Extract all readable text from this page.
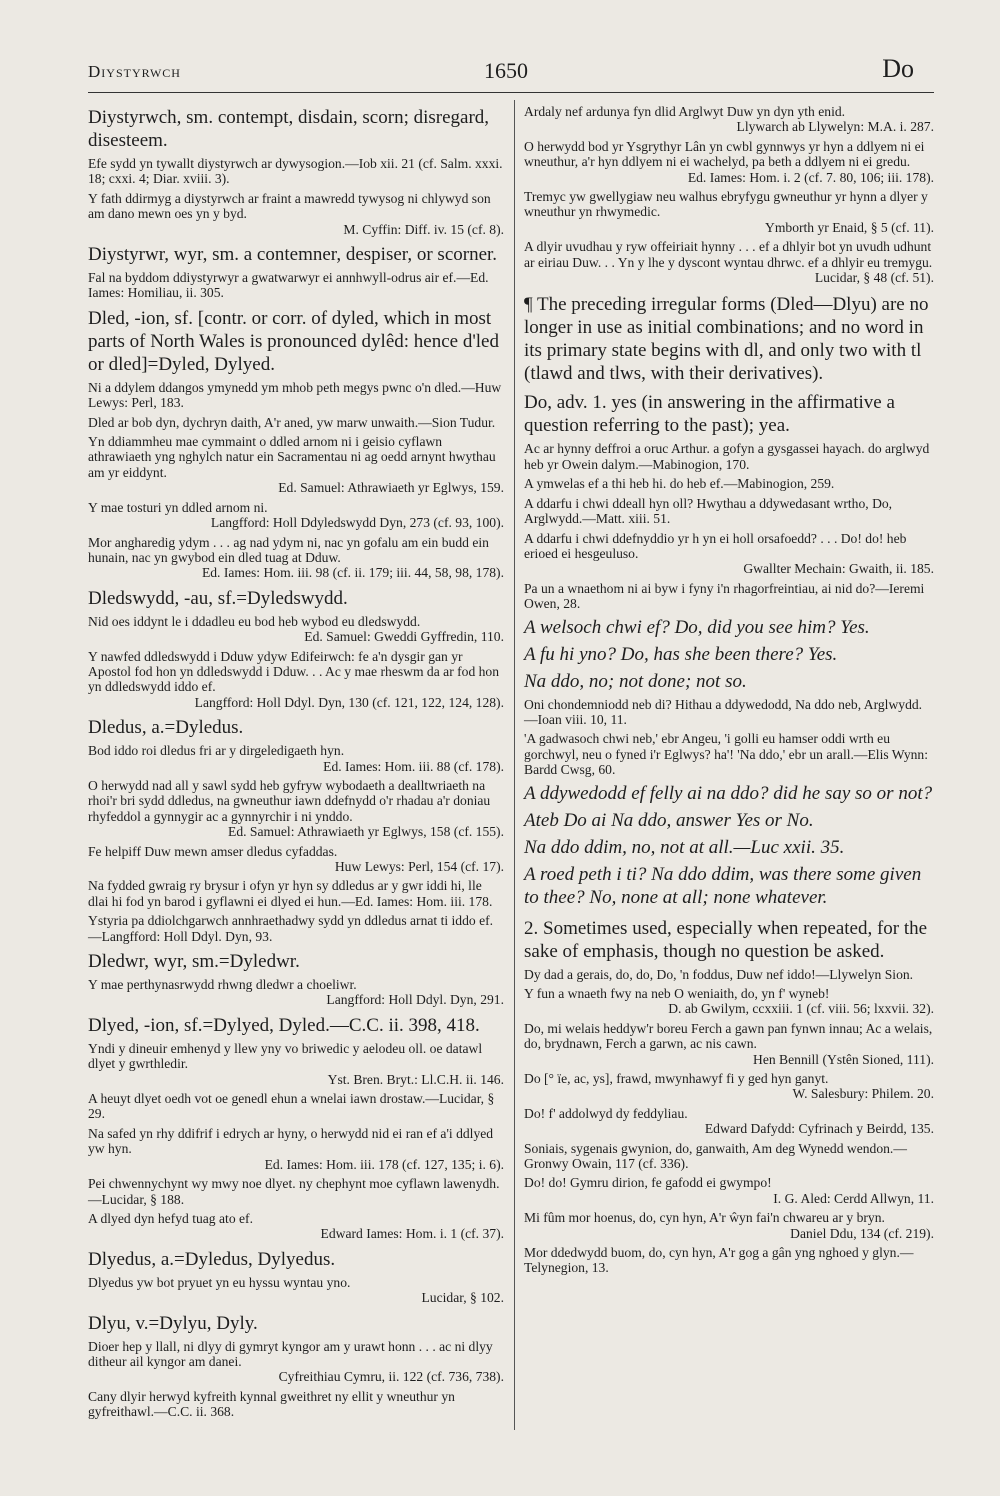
Diystyrwch	1650	Do
Diystyrwch, sm. contempt, disdain, scorn; disregard, disesteem.
Efe sydd yn tywallt diystyrwch ar dywysogion.—Iob xii. 21 (cf. Salm. xxxi. 18; cxxi. 4; Diar. xviii. 3).
Y fath ddirmyg a diystyrwch ar fraint a mawredd tywysog ni chlywyd son am dano mewn oes yn y byd.
M. Cyffin: Diff. iv. 15 (cf. 8).
Diystyrwr, wyr, sm. a contemner, despiser, or scorner.
Fal na byddom ddiystyrwyr a gwatwarwyr ei annhwyll-odrus air ef.—Ed. Iames: Homiliau, ii. 305.
Dled, -ion, sf. [contr. or corr. of dyled, which in most parts of North Wales is pronounced dylêd: hence d'led or dled]=Dyled, Dylyed.
Ni a ddylem ddangos ymynedd ym mhob peth megys pwnc o'n dled.—Huw Lewys: Perl, 183.
Dled ar bob dyn, dychryn daith, A'r aned, yw marw unwaith.—Sion Tudur.
Yn ddiammheu mae cymmaint o ddled arnom ni i geisio cyflawn athrawiaeth yng nghylch natur ein Sacramentau ni ag oedd arnynt hwythau am yr eiddynt.
Ed. Samuel: Athrawiaeth yr Eglwys, 159.
Y mae tosturi yn ddled arnom ni.
Langfford: Holl Ddyledswydd Dyn, 273 (cf. 93, 100).
Mor angharedig ydym . . . ag nad ydym ni, nac yn gofalu am ein budd ein hunain, nac yn gwybod ein dled tuag at Dduw.
Ed. Iames: Hom. iii. 98 (cf. ii. 179; iii. 44, 58, 98, 178).
Dledswydd, -au, sf.=Dyledswydd.
Nid oes iddynt le i ddadleu eu bod heb wybod eu dledswydd.
Ed. Samuel: Gweddi Gyffredin, 110.
Y nawfed ddledswydd i Dduw ydyw Edifeirwch: fe a'n dysgir gan yr Apostol fod hon yn ddledswydd i Dduw. . . Ac y mae rheswm da ar fod hon yn ddledswydd iddo ef.
Langfford: Holl Ddyl. Dyn, 130 (cf. 121, 122, 124, 128).
Dledus, a.=Dyledus.
Bod iddo roi dledus fri ar y dirgeledigaeth hyn.
Ed. Iames: Hom. iii. 88 (cf. 178).
O herwydd nad all y sawl sydd heb gyfryw wybodaeth a dealltwriaeth na rhoi'r bri sydd ddledus, na gwneuthur iawn ddefnydd o'r rhadau a'r doniau rhyfeddol a gynnygir ac a gynnyrchir i ni ynddo.
Ed. Samuel: Athrawiaeth yr Eglwys, 158 (cf. 155).
Fe helpiff Duw mewn amser dledus cyfaddas.
Huw Lewys: Perl, 154 (cf. 17).
Na fydded gwraig ry brysur i ofyn yr hyn sy ddledus ar y gwr iddi hi, lle dlai hi fod yn barod i gyflawni ei dlyed ei hun.—Ed. Iames: Hom. iii. 178.
Ystyria pa ddiolchgarwch annhraethadwy sydd yn ddledus arnat ti iddo ef.—Langfford: Holl Ddyl. Dyn, 93.
Dledwr, wyr, sm.=Dyledwr.
Y mae perthynasrwydd rhwng dledwr a choeliwr.
Langfford: Holl Ddyl. Dyn, 291.
Dlyed, -ion, sf.=Dylyed, Dyled.—C.C. ii. 398, 418.
Yndi y dineuir emhenyd y llew yny vo briwedic y aelodeu oll. oe datawl dlyet y gwrthledir.
Yst. Bren. Bryt.: Ll.C.H. ii. 146.
A heuyt dlyet oedh vot oe genedl ehun a wnelai iawn drostaw.—Lucidar, § 29.
Na safed yn rhy ddifrif i edrych ar hyny, o herwydd nid ei ran ef a'i ddlyed yw hyn.
Ed. Iames: Hom. iii. 178 (cf. 127, 135; i. 6).
Pei chwennychynt wy mwy noe dlyet. ny chephynt moe cyflawn lawenydh.—Lucidar, § 188.
A dlyed dyn hefyd tuag ato ef.
Edward Iames: Hom. i. 1 (cf. 37).
Dlyedus, a.=Dyledus, Dylyedus.
Dlyedus yw bot pryuet yn eu hyssu wyntau yno.
Lucidar, § 102.
Dlyu, v.=Dylyu, Dyly.
Dioer hep y llall, ni dlyy di gymryt kyngor am y urawt honn . . . ac ni dlyy ditheur ail kyngor am danei.
Cyfreithiau Cymru, ii. 122 (cf. 736, 738).
Cany dlyir herwyd kyfreith kynnal gweithret ny ellit y wneuthur yn gyfreithawl.—C.C. ii. 368.
Ardaly nef ardunya fyn dlid Arglwyt Duw yn dyn yth enid.
Llywarch ab Llywelyn: M.A. i. 287.
O herwydd bod yr Ysgrythyr Lân yn cwbl gynnwys yr hyn a ddlyem ni ei wneuthur, a'r hyn ddlyem ni ei wachelyd, pa beth a ddlyem ni ei gredu.
Ed. Iames: Hom. i. 2 (cf. 7. 80, 106; iii. 178).
Tremyc yw gwellygiaw neu walhus ebryfygu gwneuthur yr hynn a dlyer y wneuthur yn rhwymedic.
Ymborth yr Enaid, § 5 (cf. 11).
A dlyir uvudhau y ryw offeiriait hynny . . . ef a dhlyir bot yn uvudh udhunt ar eiriau Duw. . . Yn y lhe y dyscont wyntau dhrwc. ef a dhlyir eu tremygu.
Lucidar, § 48 (cf. 51).
¶ The preceding irregular forms (Dled—Dlyu) are no longer in use as initial combinations; and no word in its primary state begins with dl, and only two with tl (tlawd and tlws, with their derivatives).
Do, adv. 1. yes (in answering in the affirmative a question referring to the past); yea.
Ac ar hynny deffroi a oruc Arthur. a gofyn a gysgassei hayach. do arglwyd heb yr Owein dalym.—Mabinogion, 170.
A ymwelas ef a thi heb hi. do heb ef.—Mabinogion, 259.
A ddarfu i chwi ddeall hyn oll? Hwythau a ddywedasant wrtho, Do, Arglwydd.—Matt. xiii. 51.
A ddarfu i chwi ddefnyddio yr h yn ei holl orsafoedd? . . . Do! do! heb erioed ei hesgeuluso.
Gwallter Mechain: Gwaith, ii. 185.
Pa un a wnaethom ni ai byw i fyny i'n rhagorfreintiau, ai nid do?—Ieremi Owen, 28.
A welsoch chwi ef? Do, did you see him? Yes.
A fu hi yno? Do, has she been there? Yes.
Na ddo, no; not done; not so.
Oni chondemniodd neb di? Hithau a ddywedodd, Na ddo neb, Arglwydd.—Ioan viii. 10, 11.
'A gadwasoch chwi neb,' ebr Angeu, 'i golli eu hamser oddi wrth eu gorchwyl, neu o fyned i'r Eglwys? ha'! 'Na ddo,' ebr un arall.—Elis Wynn: Bardd Cwsg, 60.
A ddywedodd ef felly ai na ddo? did he say so or not?
Ateb Do ai Na ddo, answer Yes or No.
Na ddo ddim, no, not at all.—Luc xxii. 35.
A roed peth i ti? Na ddo ddim, was there some given to thee? No, none at all; none whatever.
2. Sometimes used, especially when repeated, for the sake of emphasis, though no question be asked.
Dy dad a gerais, do, do, Do, 'n foddus, Duw nef iddo!—Llywelyn Sion.
Y fun a wnaeth fwy na neb O weniaith, do, yn f' wyneb!
D. ab Gwilym, ccxxiii. 1 (cf. viii. 56; lxxvii. 32).
Do, mi welais heddyw'r boreu Ferch a gawn pan fynwn innau; Ac a welais, do, brydnawn, Ferch a garwn, ac nis cawn.
Hen Bennill (Ystên Sioned, 111).
Do [° ïe, ac, ys], frawd, mwynhawyf fi y ged hyn ganyt.
W. Salesbury: Philem. 20.
Do! f' addolwyd dy feddyliau.
Edward Dafydd: Cyfrinach y Beirdd, 135.
Soniais, sygenais gwynion, do, ganwaith, Am deg Wynedd wendon.—Gronwy Owain, 117 (cf. 336).
Do! do! Gymru dirion, fe gafodd ei gwympo!
I. G. Aled: Cerdd Allwyn, 11.
Mi fûm mor hoenus, do, cyn hyn, A'r ŵyn fai'n chwareu ar y bryn.
Daniel Ddu, 134 (cf. 219).
Mor ddedwydd buom, do, cyn hyn, A'r gog a gân yng nghoed y glyn.—Telynegion, 13.
